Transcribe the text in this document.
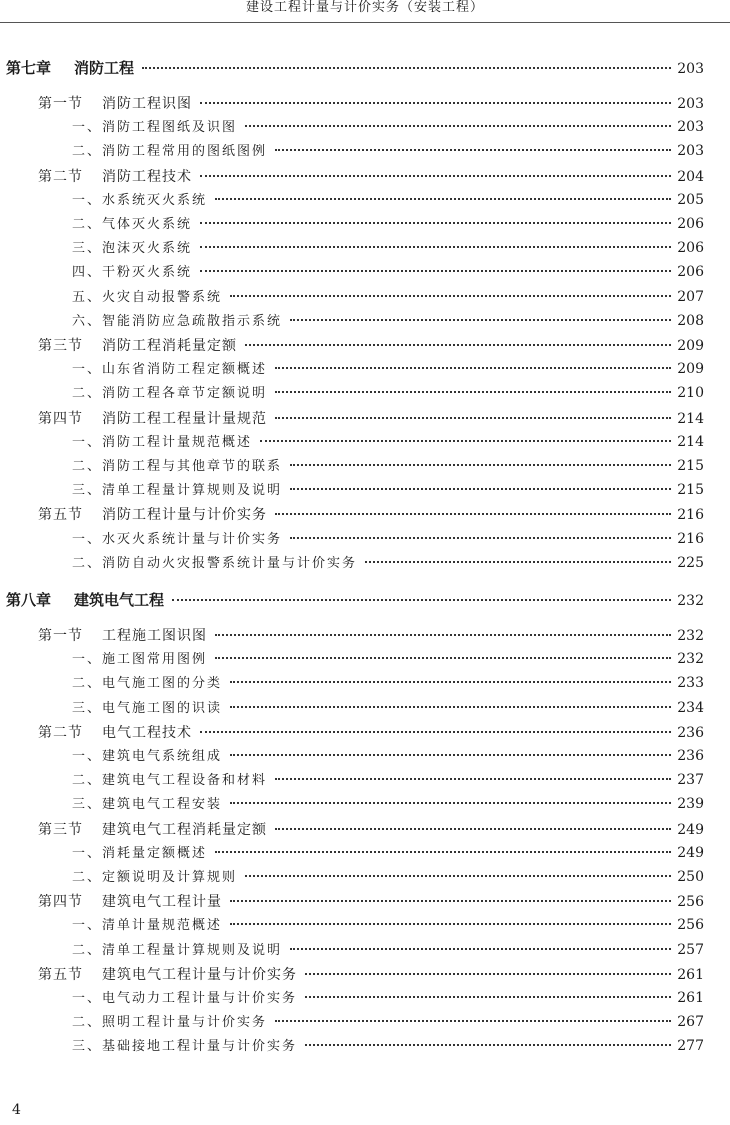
建设工程计量与计价实务（安装工程）
第七章 消防工程	203
第一节 消防工程识图	203
一、消防工程图纸及识图	203
二、消防工程常用的图纸图例	203
第二节 消防工程技术	204
一、水系统灭火系统	205
二、气体灭火系统	206
三、泡沫灭火系统	206
四、干粉灭火系统	206
五、火灾自动报警系统	207
六、智能消防应急疏散指示系统	208
第三节 消防工程消耗量定额	209
一、山东省消防工程定额概述	209
二、消防工程各章节定额说明	210
第四节 消防工程工程量计量规范	214
一、消防工程计量规范概述	214
二、消防工程与其他章节的联系	215
三、清单工程量计算规则及说明	215
第五节 消防工程计量与计价实务	216
一、水灭火系统计量与计价实务	216
二、消防自动火灾报警系统计量与计价实务	225
第八章 建筑电气工程	232
第一节 工程施工图识图	232
一、施工图常用图例	232
二、电气施工图的分类	233
三、电气施工图的识读	234
第二节 电气工程技术	236
一、建筑电气系统组成	236
二、建筑电气工程设备和材料	237
三、建筑电气工程安装	239
第三节 建筑电气工程消耗量定额	249
一、消耗量定额概述	249
二、定额说明及计算规则	250
第四节 建筑电气工程计量	256
一、清单计量规范概述	256
二、清单工程量计算规则及说明	257
第五节 建筑电气工程计量与计价实务	261
一、电气动力工程计量与计价实务	261
二、照明工程计量与计价实务	267
三、基础接地工程计量与计价实务	277
4
